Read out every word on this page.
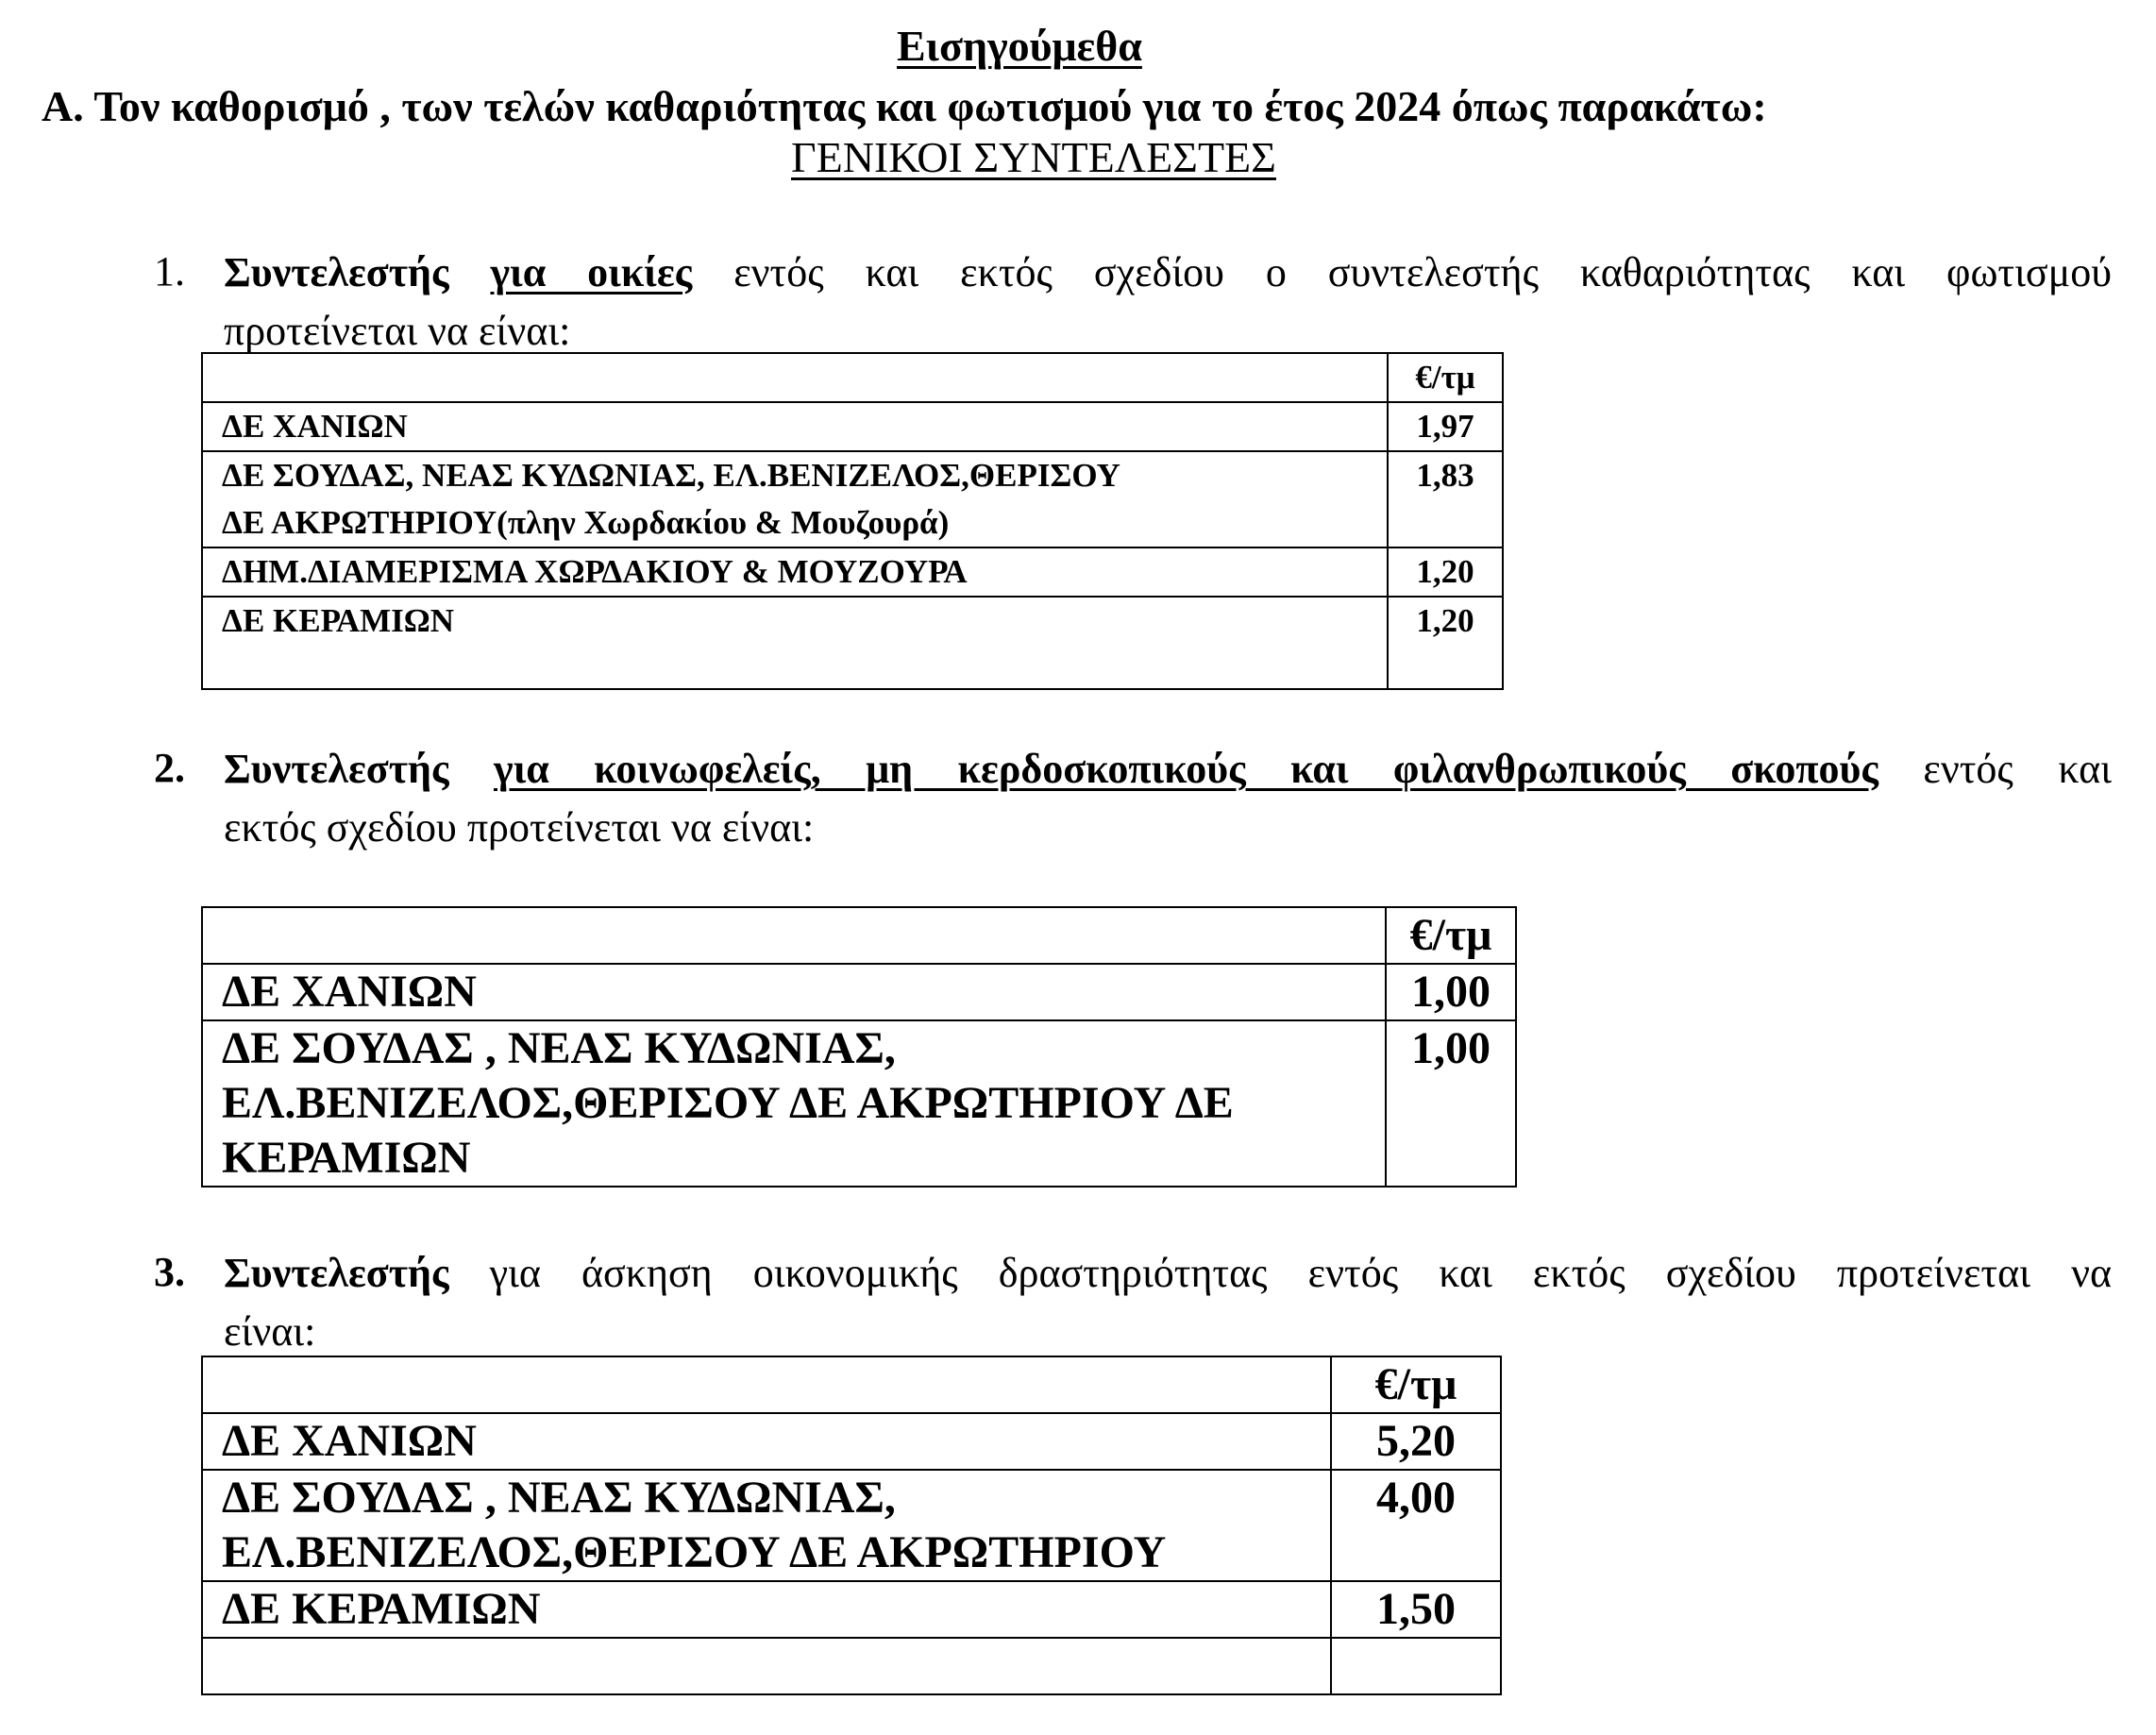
Εισηγούμεθα
Α. Τον καθορισμό , των τελών καθαριότητας και φωτισμού για το έτος 2024 όπως παρακάτω:
ΓΕΝΙΚΟΙ ΣΥΝΤΕΛΕΣΤΕΣ
1. Συντελεστής για οικίες εντός και εκτός σχεδίου ο συντελεστής καθαριότητας και φωτισμού
προτείνεται να είναι:
	€/τμ
ΔΕ ΧΑΝΙΩΝ	1,97
ΔΕ ΣΟΥΔΑΣ, ΝΕΑΣ ΚΥΔΩΝΙΑΣ, ΕΛ.ΒΕΝΙΖΕΛΟΣ,ΘΕΡΙΣΟΥ
ΔΕ ΑΚΡΩΤΗΡΙΟΥ(πλην Χωρδακίου & Μουζουρά)	1,83
ΔΗΜ.ΔΙΑΜΕΡΙΣΜΑ ΧΩΡΔΑΚΙΟΥ & ΜΟΥΖΟΥΡΑ	1,20
ΔΕ ΚΕΡΑΜΙΩΝ	1,20
2. Συντελεστής για κοινωφελείς, μη κερδοσκοπικούς και φιλανθρωπικούς σκοπούς εντός και
εκτός σχεδίου προτείνεται να είναι:
	€/τμ
ΔΕ ΧΑΝΙΩΝ	1,00
ΔΕ ΣΟΥΔΑΣ , ΝΕΑΣ ΚΥΔΩΝΙΑΣ,
ΕΛ.ΒΕΝΙΖΕΛΟΣ,ΘΕΡΙΣΟΥ ΔΕ ΑΚΡΩΤΗΡΙΟΥ ΔΕ
ΚΕΡΑΜΙΩΝ	1,00
3. Συντελεστής για άσκηση οικονομικής δραστηριότητας εντός και εκτός σχεδίου προτείνεται να
είναι:
	€/τμ
ΔΕ ΧΑΝΙΩΝ	5,20
ΔΕ ΣΟΥΔΑΣ , ΝΕΑΣ ΚΥΔΩΝΙΑΣ,
ΕΛ.ΒΕΝΙΖΕΛΟΣ,ΘΕΡΙΣΟΥ ΔΕ ΑΚΡΩΤΗΡΙΟΥ	4,00
ΔΕ ΚΕΡΑΜΙΩΝ	1,50
